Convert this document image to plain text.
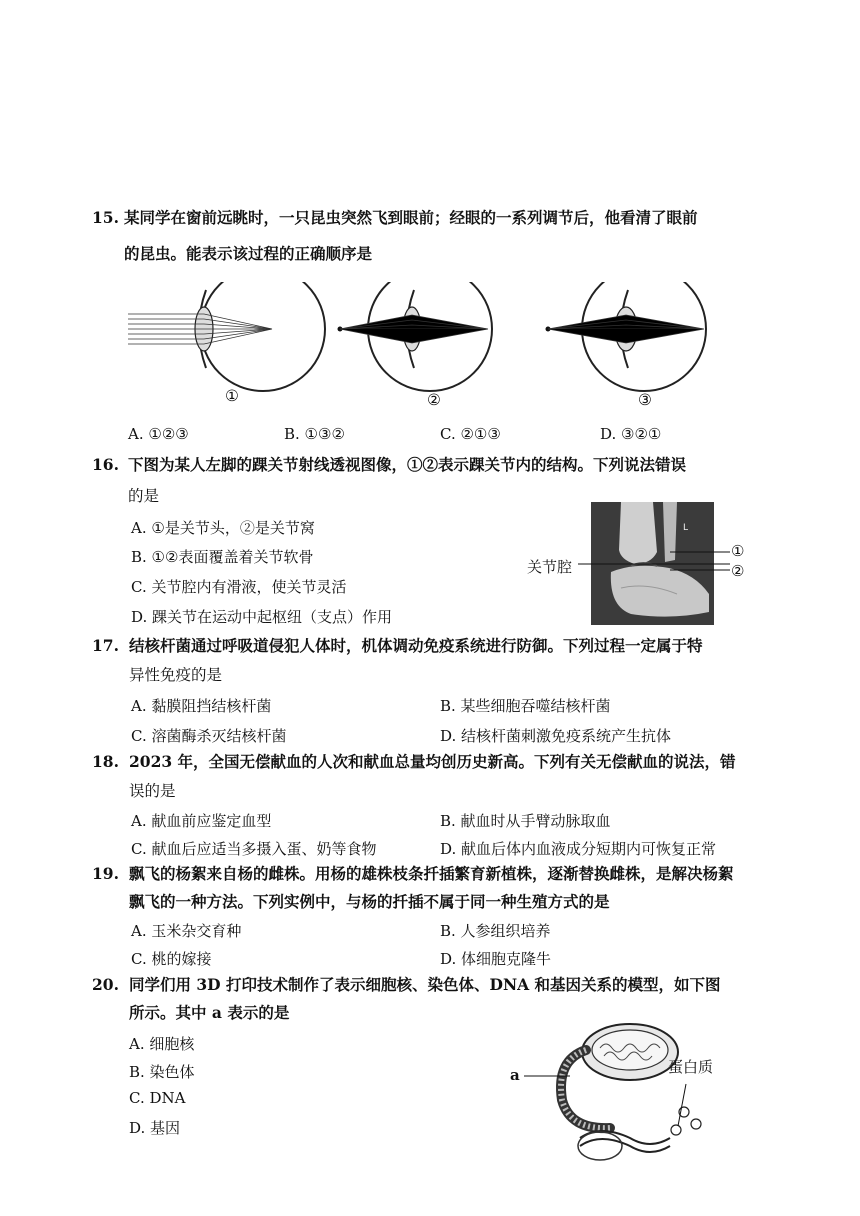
15. 某同学在窗前远眺时，一只昆虫突然飞到眼前；经眼的一系列调节后，他看清了眼前
的昆虫。能表示该过程的正确顺序是
①	②	③
A. ①②③	B. ①③②	C. ②①③	D. ③②①
16. 下图为某人左脚的踝关节射线透视图像，①②表示踝关节内的结构。下列说法错误
的是
A. ①是关节头，②是关节窝
B. ①②表面覆盖着关节软骨
C. 关节腔内有滑液，使关节灵活
D. 踝关节在运动中起枢纽（支点）作用
L
关节腔
①
②
17. 结核杆菌通过呼吸道侵犯人体时，机体调动免疫系统进行防御。下列过程一定属于特
异性免疫的是
A. 黏膜阻挡结核杆菌	B. 某些细胞吞噬结核杆菌
C. 溶菌酶杀灭结核杆菌	D. 结核杆菌刺激免疫系统产生抗体
18. 2023 年，全国无偿献血的人次和献血总量均创历史新高。下列有关无偿献血的说法，错
误的是
A. 献血前应鉴定血型	B. 献血时从手臂动脉取血
C. 献血后应适当多摄入蛋、奶等食物	D. 献血后体内血液成分短期内可恢复正常
19. 飘飞的杨絮来自杨的雌株。用杨的雄株枝条扦插繁育新植株，逐渐替换雌株，是解决杨絮
飘飞的一种方法。下列实例中，与杨的扦插不属于同一种生殖方式的是
A. 玉米杂交育种	B. 人参组织培养
C. 桃的嫁接	D. 体细胞克隆牛
20. 同学们用 3D 打印技术制作了表示细胞核、染色体、DNA 和基因关系的模型，如下图
所示。其中 a 表示的是
A. 细胞核
B. 染色体
C. DNA
D. 基因
a	蛋白质
